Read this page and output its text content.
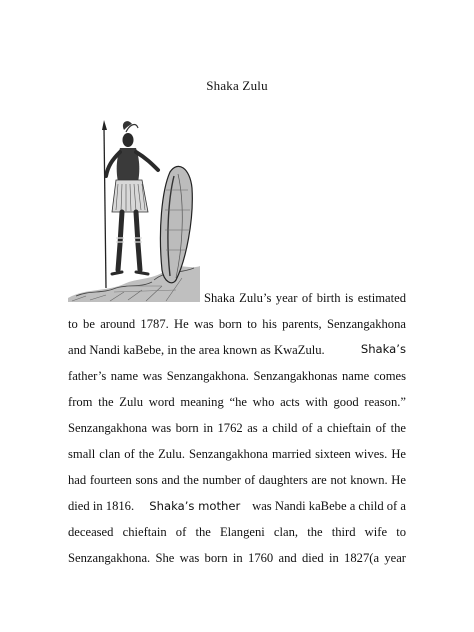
Shaka Zulu
Shaka Zulu’s year of birth is estimated
to be around 1787. He was born to his parents, Senzangakhona
and Nandi kaBebe, in the area known as KwaZulu.	Shaka’s
father’s name was Senzangakhona. Senzangakhonas name comes
from the Zulu word meaning “he who acts with good reason.”
Senzangakhona was born in 1762 as a child of a chieftain of the
small clan of the Zulu. Senzangakhona married sixteen wives. He
had fourteen sons and the number of daughters are not known. He
died in 1816. Shaka’s mother was Nandi kaBebe a child of a
deceased chieftain of the Elangeni clan, the third wife to
Senzangakhona. She was born in 1760 and died in 1827(a year
